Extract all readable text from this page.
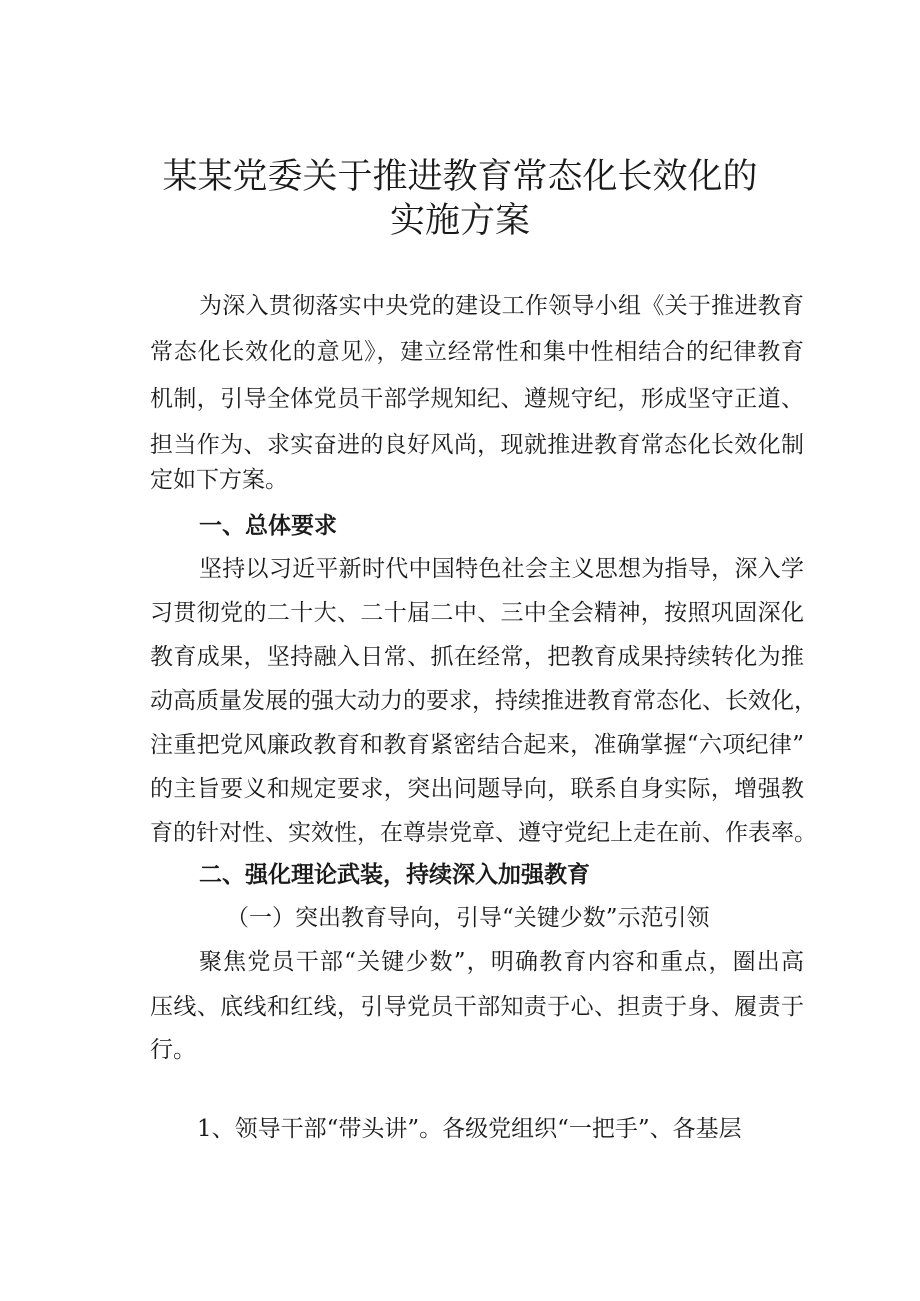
某某党委关于推进教育常态化长效化的
实施方案
为深入贯彻落实中央党的建设工作领导小组《关于推进教育
常态化长效化的意见》，建立经常性和集中性相结合的纪律教育
机制，引导全体党员干部学规知纪、遵规守纪，形成坚守正道、
担当作为、求实奋进的良好风尚，现就推进教育常态化长效化制
定如下方案。
一、总体要求
坚持以习近平新时代中国特色社会主义思想为指导，深入学
习贯彻党的二十大、二十届二中、三中全会精神，按照巩固深化
教育成果，坚持融入日常、抓在经常，把教育成果持续转化为推
动高质量发展的强大动力的要求，持续推进教育常态化、长效化，
注重把党风廉政教育和教育紧密结合起来，准确掌握“六项纪律”
的主旨要义和规定要求，突出问题导向，联系自身实际，增强教
育的针对性、实效性，在尊崇党章、遵守党纪上走在前、作表率。
二、强化理论武装，持续深入加强教育
（一）突出教育导向，引导“关键少数”示范引领
聚焦党员干部“关键少数”，明确教育内容和重点，圈出高
压线、底线和红线，引导党员干部知责于心、担责于身、履责于
行。
1、领导干部“带头讲”。各级党组织“一把手”、各基层
